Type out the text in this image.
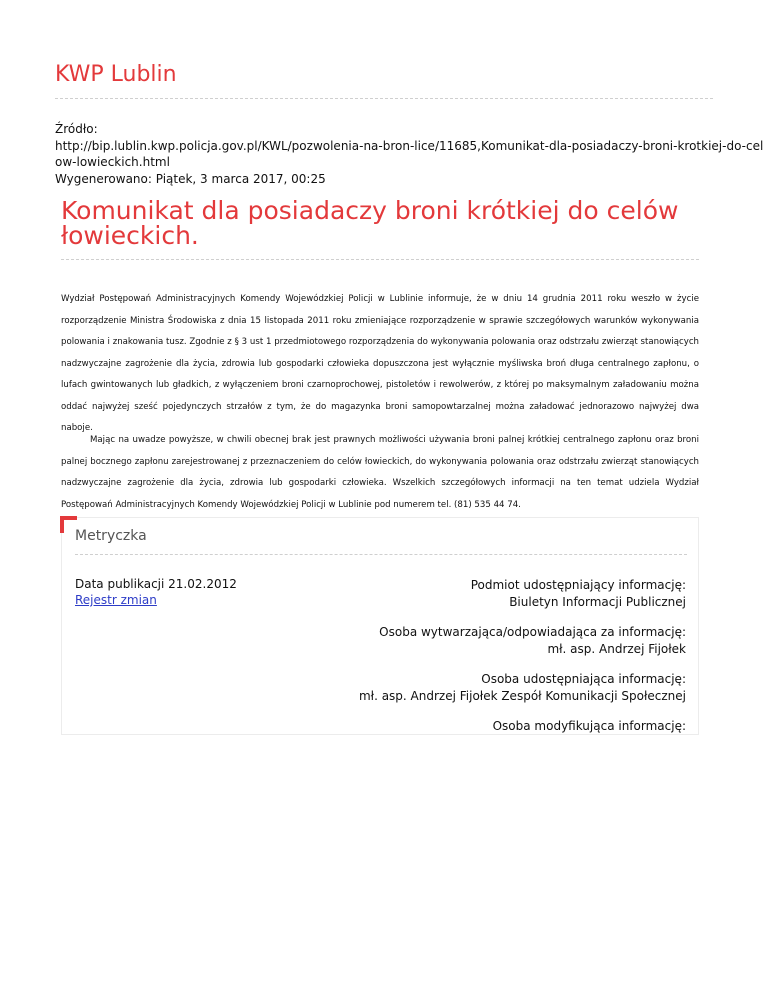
KWP Lublin
Źródło:
http://bip.lublin.kwp.policja.gov.pl/KWL/pozwolenia-na-bron-lice/11685,Komunikat-dla-posiadaczy-broni-krotkiej-do-cel
ow-lowieckich.html
Wygenerowano: Piątek, 3 marca 2017, 00:25
Komunikat dla posiadaczy broni krótkiej do celów łowieckich.

Wydział Postępowań Administracyjnych Komendy Wojewódzkiej Policji w Lublinie informuje, że w dniu 14 grudnia 2011 roku weszło w życie rozporządzenie Ministra Środowiska z dnia 15 listopada 2011 roku zmieniające rozporządzenie w sprawie szczegółowych warunków wykonywania polowania i znakowania tusz. Zgodnie z § 3 ust 1 przedmiotowego rozporządzenia do wykonywania polowania oraz odstrzału zwierząt stanowiących nadzwyczajne zagrożenie dla życia, zdrowia lub gospodarki człowieka dopuszczona jest wyłącznie myśliwska broń długa centralnego zapłonu, o lufach gwintowanych lub gładkich, z wyłączeniem broni czarnoprochowej, pistoletów i rewolwerów, z której po maksymalnym załadowaniu można oddać najwyżej sześć pojedynczych strzałów z tym, że do magazynka broni samopowtarzalnej można załadować jednorazowo najwyżej dwa naboje.

Mając na uwadze powyższe, w chwili obecnej brak jest prawnych możliwości używania broni palnej krótkiej centralnego zapłonu oraz broni palnej bocznego zapłonu zarejestrowanej z przeznaczeniem do celów łowieckich, do wykonywania polowania oraz odstrzału zwierząt stanowiących nadzwyczajne zagrożenie dla życia, zdrowia lub gospodarki człowieka. Wszelkich szczegółowych informacji na ten temat udziela Wydział Postępowań Administracyjnych Komendy Wojewódzkiej Policji w Lublinie pod numerem tel. (81) 535 44 74.

Metryczka
Data publikacji 21.02.2012
Rejestr zmian
Podmiot udostępniający informację:
Biuletyn Informacji Publicznej
Osoba wytwarzająca/odpowiadająca za informację:
mł. asp. Andrzej Fijołek
Osoba udostępniająca informację:
mł. asp. Andrzej Fijołek Zespół Komunikacji Społecznej
Osoba modyfikująca informację:
